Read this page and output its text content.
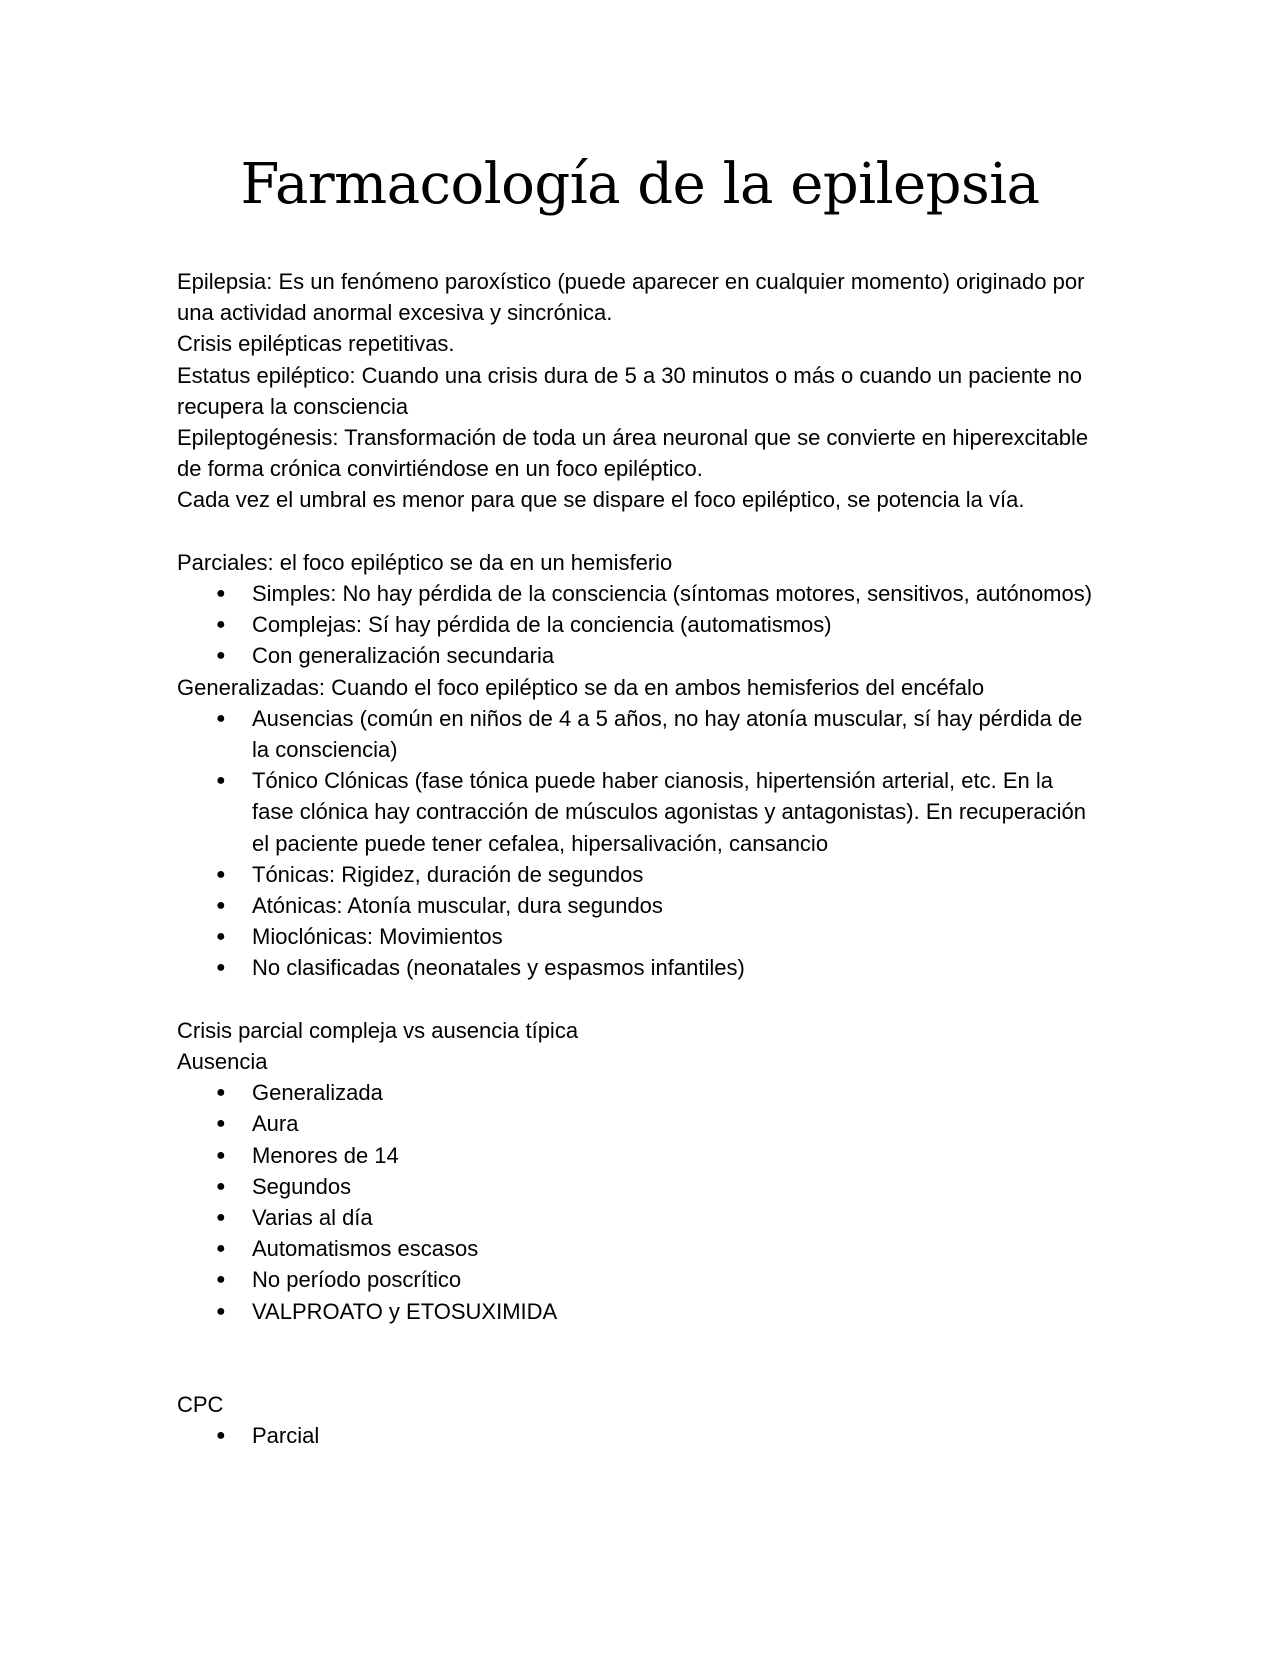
Farmacología de la epilepsia

Epilepsia: Es un fenómeno paroxístico (puede aparecer en cualquier momento) originado por una actividad anormal excesiva y sincrónica.

Crisis epilépticas repetitivas.

Estatus epiléptico: Cuando una crisis dura de 5 a 30 minutos o más o cuando un paciente no recupera la consciencia

Epileptogénesis: Transformación de toda un área neuronal que se convierte en hiperexcitable de forma crónica convirtiéndose en un foco epiléptico.

Cada vez el umbral es menor para que se dispare el foco epiléptico, se potencia la vía.

Parciales: el foco epiléptico se da en un hemisferio

● Simples: No hay pérdida de la consciencia (síntomas motores, sensitivos, autónomos)
● Complejas: Sí hay pérdida de la conciencia (automatismos)
● Con generalización secundaria

Generalizadas: Cuando el foco epiléptico se da en ambos hemisferios del encéfalo

● Ausencias (común en niños de 4 a 5 años, no hay atonía muscular, sí hay pérdida de la consciencia)
● Tónico Clónicas (fase tónica puede haber cianosis, hipertensión arterial, etc. En la fase clónica hay contracción de músculos agonistas y antagonistas). En recuperación el paciente puede tener cefalea, hipersalivación, cansancio
● Tónicas: Rigidez, duración de segundos
● Atónicas: Atonía muscular, dura segundos
● Mioclónicas: Movimientos
● No clasificadas (neonatales y espasmos infantiles)

Crisis parcial compleja vs ausencia típica

Ausencia

● Generalizada
● Aura
● Menores de 14
● Segundos
● Varias al día
● Automatismos escasos
● No período poscrítico
● VALPROATO y ETOSUXIMIDA

CPC

● Parcial
